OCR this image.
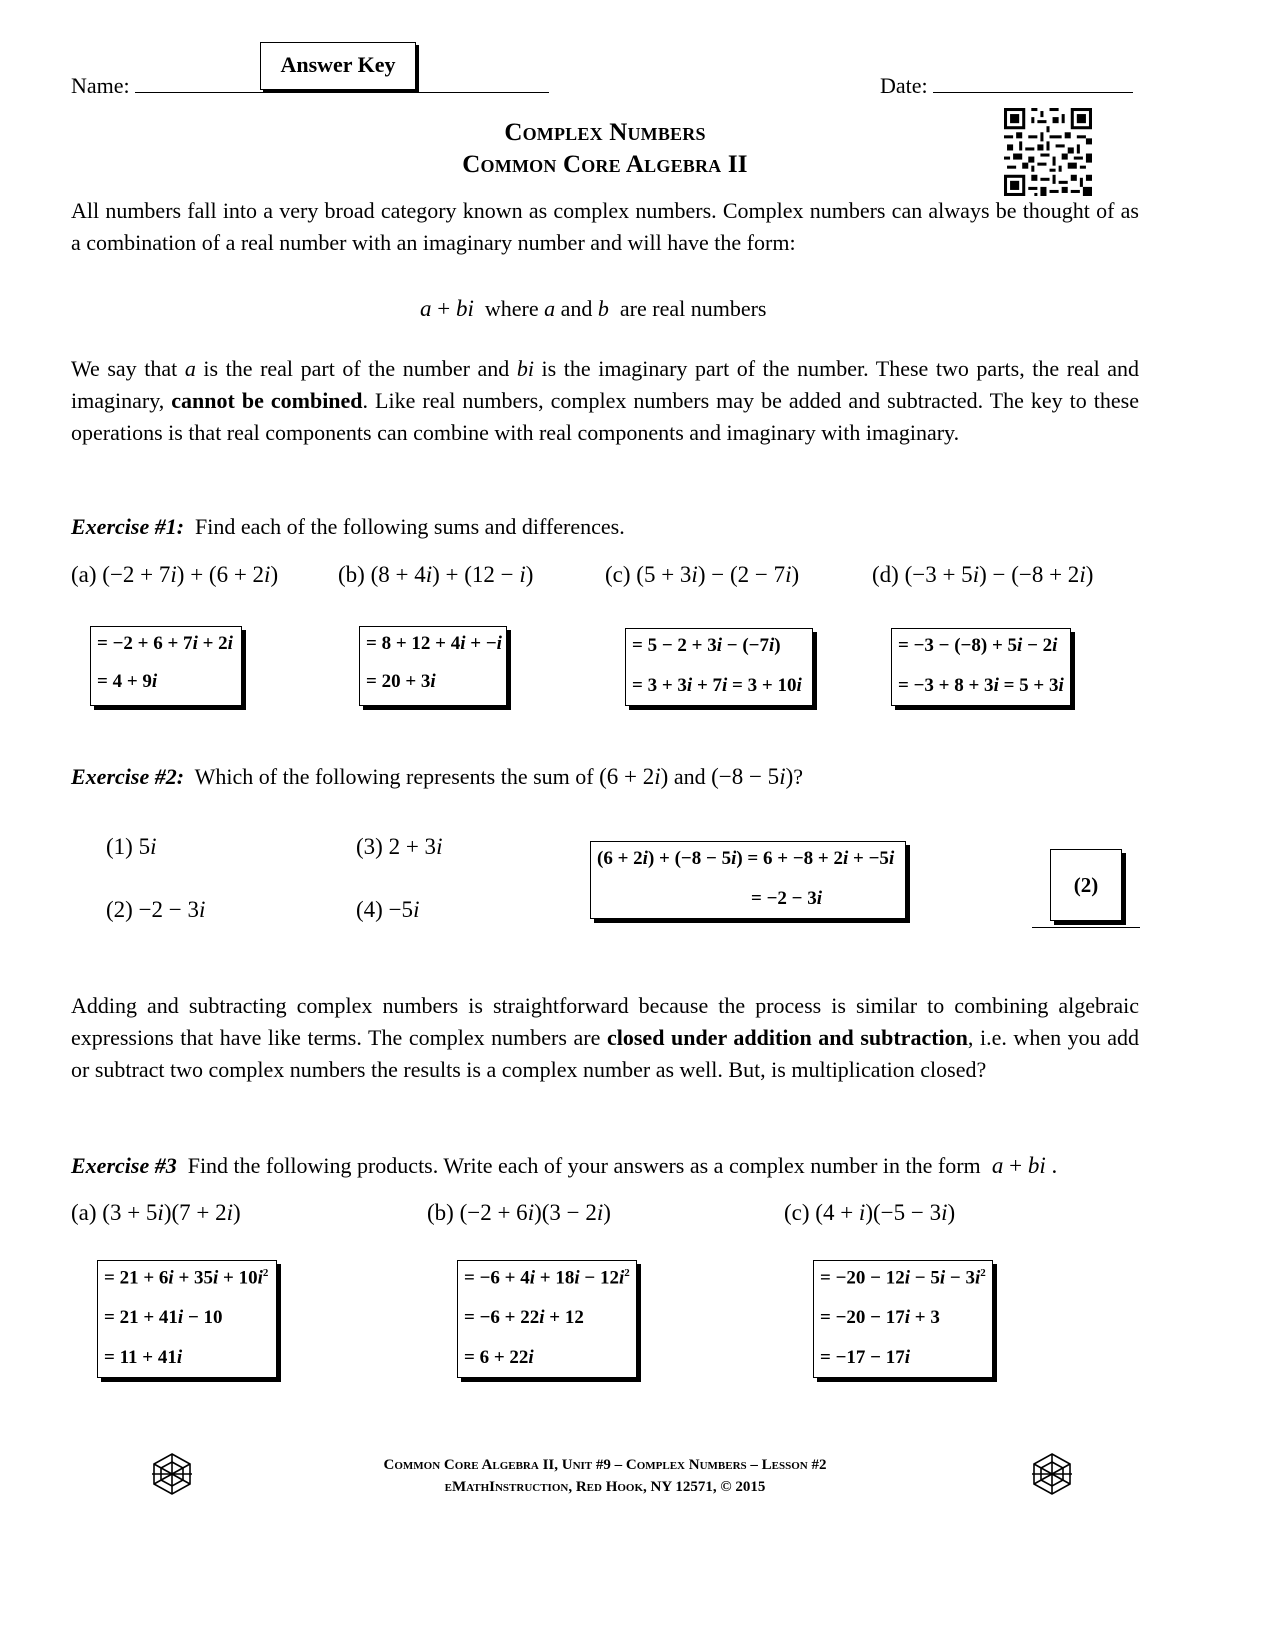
Answer Key
Name:	Date:
Complex Numbers
Common Core Algebra II
All numbers fall into a very broad category known as complex numbers. Complex numbers can always be thought of as a combination of a real number with an imaginary number and will have the form:
a + bi where a and b are real numbers
We say that a is the real part of the number and bi is the imaginary part of the number. These two parts, the real and imaginary, cannot be combined. Like real numbers, complex numbers may be added and subtracted. The key to these operations is that real components can combine with real components and imaginary with imaginary.
Exercise #1: Find each of the following sums and differences.
(a) (−2 + 7i) + (6 + 2i)	(b) (8 + 4i) + (12 − i)	(c) (5 + 3i) − (2 − 7i)	(d) (−3 + 5i) − (−8 + 2i)
= −2 + 6 + 7i + 2i
= 4 + 9i
= 8 + 12 + 4i + −i
= 20 + 3i
= 5 − 2 + 3i − (−7i)
= 3 + 3i + 7i = 3 + 10i
= −3 − (−8) + 5i − 2i
= −3 + 8 + 3i = 5 + 3i
Exercise #2: Which of the following represents the sum of (6 + 2i) and (−8 − 5i)?
(1) 5i
(2) −2 − 3i
(3) 2 + 3i
(4) −5i
(6 + 2i) + (−8 − 5i) = 6 + −8 + 2i + −5i
= −2 − 3i
(2)
Adding and subtracting complex numbers is straightforward because the process is similar to combining algebraic expressions that have like terms. The complex numbers are closed under addition and subtraction, i.e. when you add or subtract two complex numbers the results is a complex number as well. But, is multiplication closed?
Exercise #3 Find the following products. Write each of your answers as a complex number in the form a + bi .
(a) (3 + 5i)(7 + 2i)	(b) (−2 + 6i)(3 − 2i)	(c) (4 + i)(−5 − 3i)
= $21 + 6i + 35i + 10i^2$
= 21 + 41i − 10
= 11 + 41i
= $-6 + 4i + 18i - 12i^2$
= −6 + 22i + 12
= 6 + 22i
= $-20 - 12i - 5i - 3i^2$
= −20 − 17i + 3
= −17 − 17i
Common Core Algebra II, Unit #9 – Complex Numbers – Lesson #2
eMathInstruction, Red Hook, NY 12571, © 2015
